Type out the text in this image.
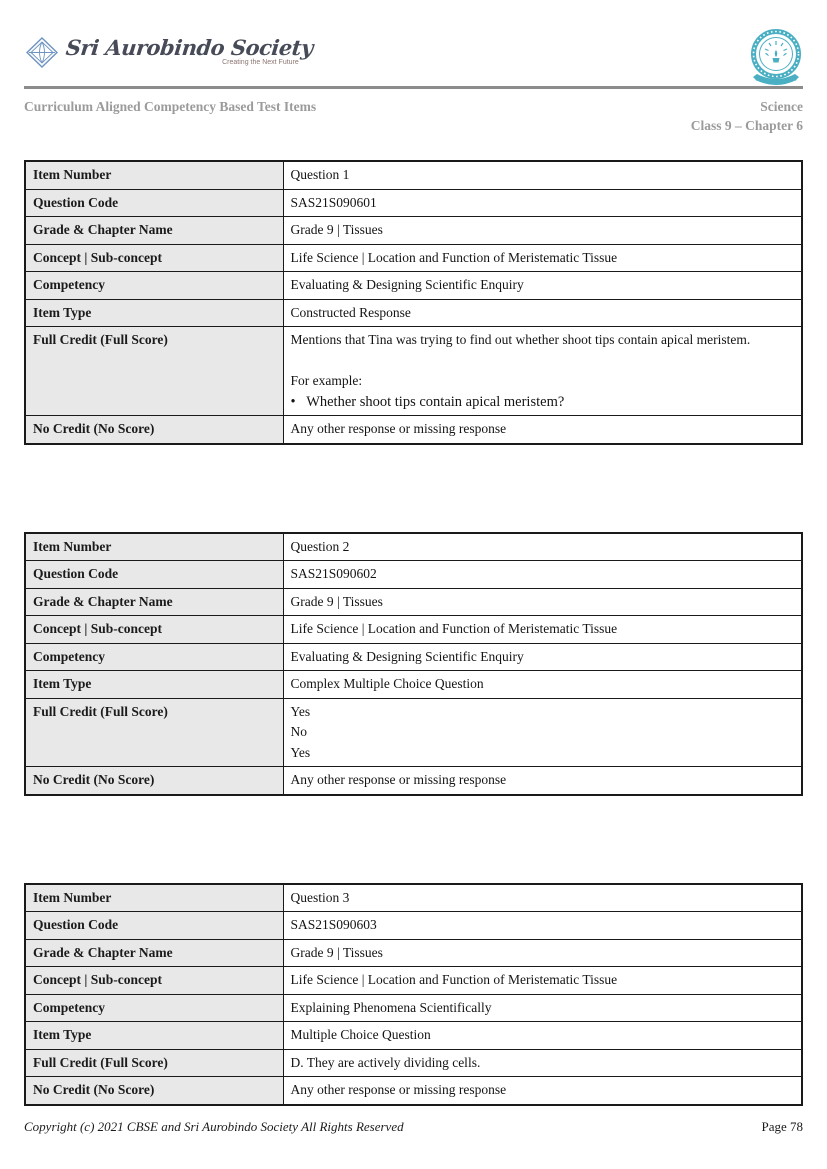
Sri Aurobindo Society
Creating the Next Future
Curriculum Aligned Competency Based Test Items	Science
Class 9 – Chapter 6
Item Number	Question 1

Question Code	SAS21S090601

Grade & Chapter Name	Grade 9 | Tissues

Concept | Sub-concept	Life Science | Location and Function of Meristematic Tissue

Competency	Evaluating & Designing Scientific Enquiry

Item Type	Constructed Response

Full Credit (Full Score)	Mentions that Tina was trying to find out whether shoot tips contain apical meristem.
For example:
•   Whether shoot tips contain apical meristem?

No Credit (No Score)	Any other response or missing response
Item Number	Question 2

Question Code	SAS21S090602

Grade & Chapter Name	Grade 9 | Tissues

Concept | Sub-concept	Life Science | Location and Function of Meristematic Tissue

Competency	Evaluating & Designing Scientific Enquiry

Item Type	Complex Multiple Choice Question

Full Credit (Full Score)	Yes
No
Yes

No Credit (No Score)	Any other response or missing response
Item Number	Question 3

Question Code	SAS21S090603

Grade & Chapter Name	Grade 9 | Tissues

Concept | Sub-concept	Life Science | Location and Function of Meristematic Tissue

Competency	Explaining Phenomena Scientifically

Item Type	Multiple Choice Question

Full Credit (Full Score)	D. They are actively dividing cells.

No Credit (No Score)	Any other response or missing response
Copyright (c) 2021 CBSE and Sri Aurobindo Society All Rights Reserved	Page 78
